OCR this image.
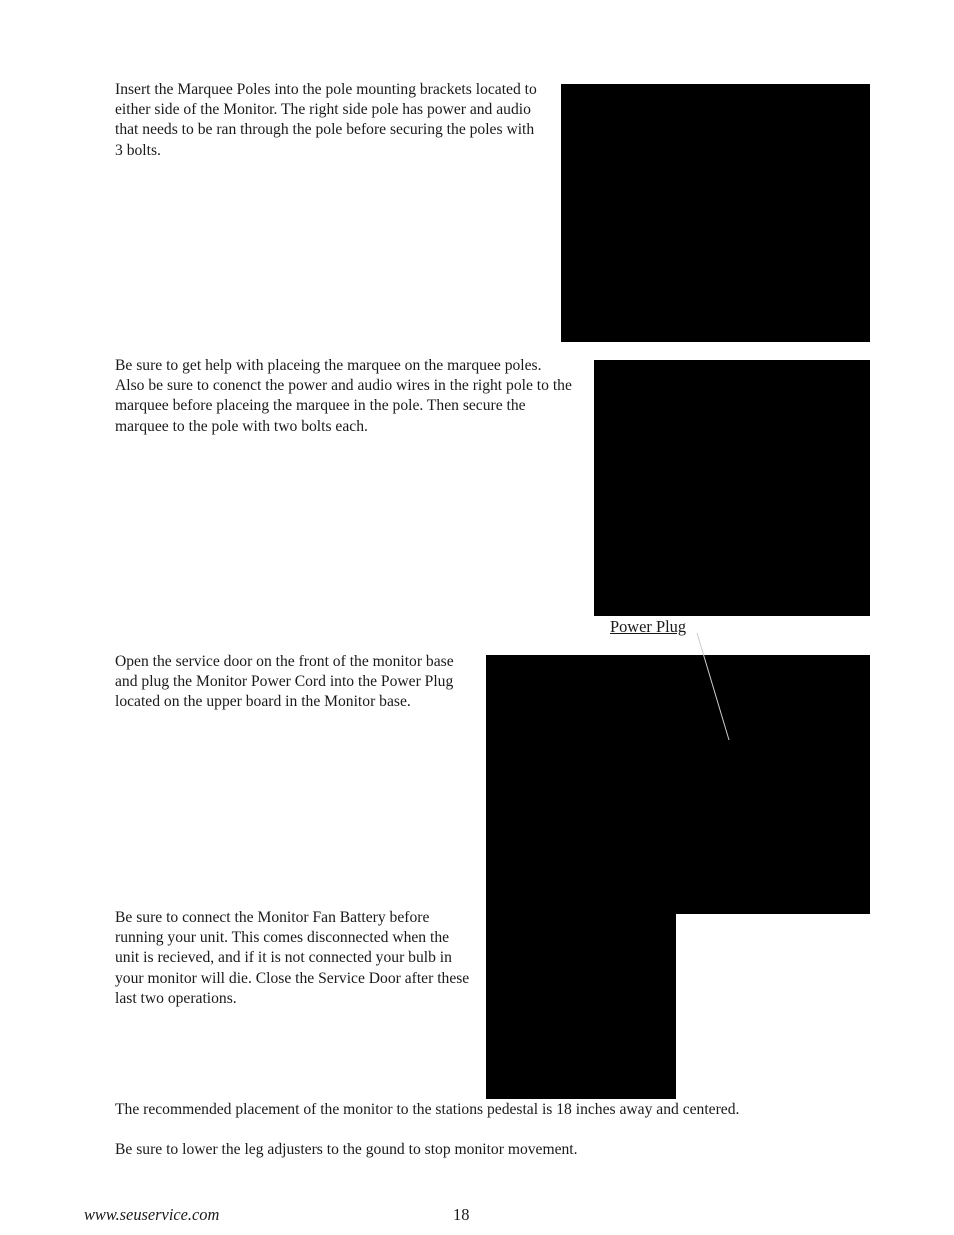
Insert the Marquee Poles into the pole mounting brackets located to either side of the Monitor. The right side pole has power and audio that needs to be ran through the pole before securing the poles with 3 bolts.

Be sure to get help with placeing the marquee on the marquee poles. Also be sure to conenct the power and audio wires in the right pole to the marquee before placeing the marquee in the pole. Then secure the marquee to the pole with two bolts each.

Power Plug

Open the service door on the front of the monitor base and plug the Monitor Power Cord into the Power Plug located on the upper board in the Monitor base.

Be sure to connect the Monitor Fan Battery before running your unit. This comes disconnected when the unit is recieved, and if it is not connected your bulb in your monitor will die. Close the Service Door after these last two operations.

The recommended placement of the monitor to the stations pedestal is 18 inches away and centered.

Be sure to lower the leg adjusters to the gound to stop monitor movement.

www.seuservice.com	18
